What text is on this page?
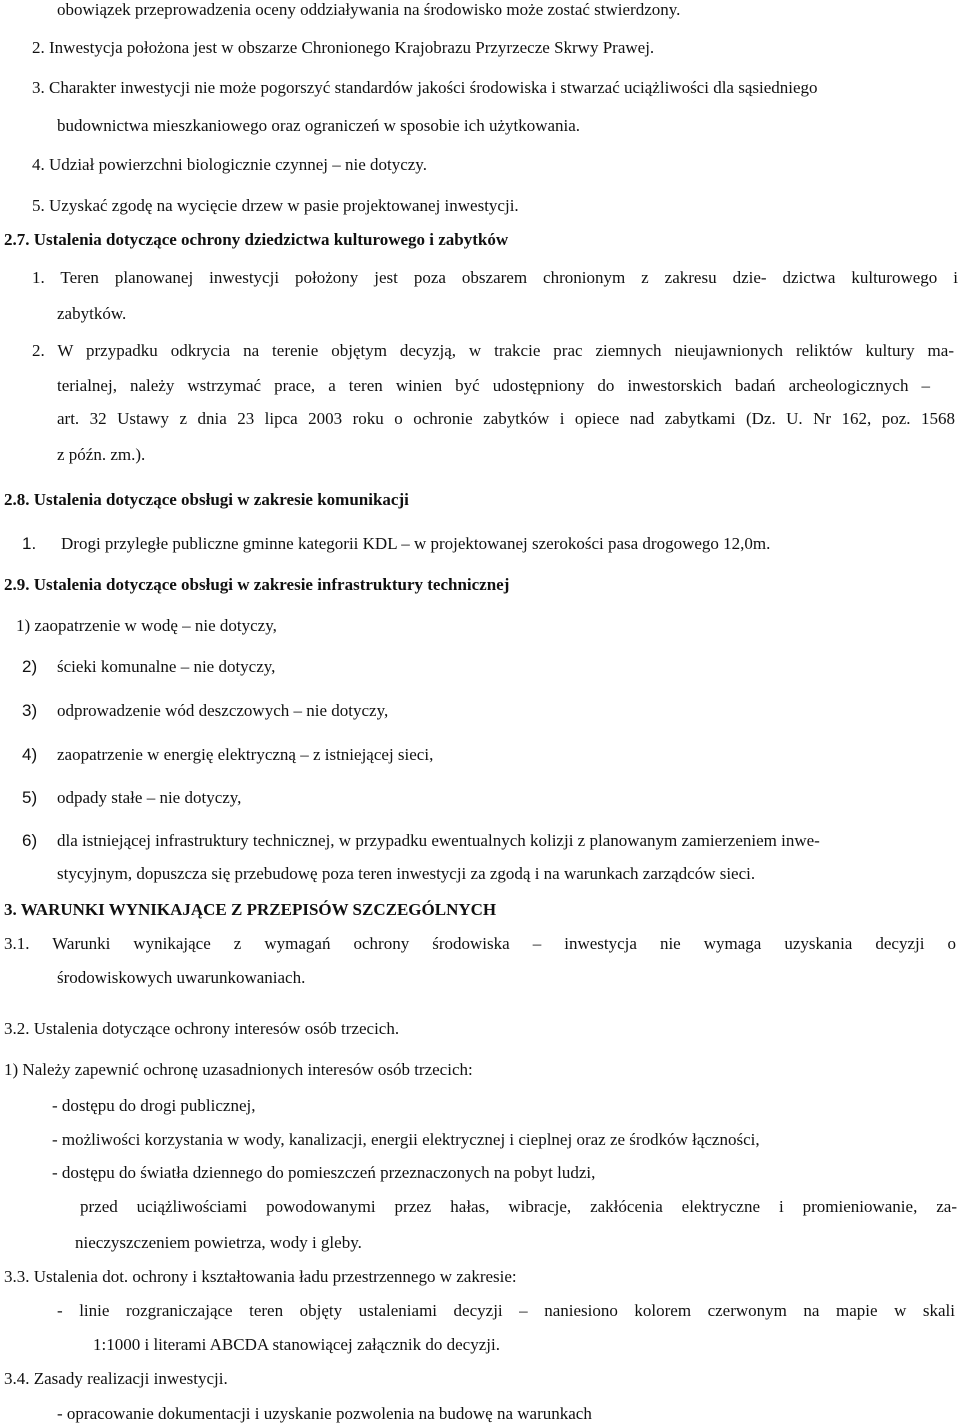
obowiązek przeprowadzenia oceny oddziaływania na środowisko może zostać stwierdzony.
2. Inwestycja położona jest w obszarze Chronionego Krajobrazu Przyrzecze Skrwy Prawej.
3. Charakter inwestycji nie może pogorszyć standardów jakości środowiska i stwarzać uciążliwości dla sąsiedniego
budownictwa mieszkaniowego oraz ograniczeń w sposobie ich użytkowania.
4. Udział powierzchni biologicznie czynnej – nie dotyczy.
5. Uzyskać zgodę na wycięcie drzew w pasie projektowanej inwestycji.
2.7. Ustalenia dotyczące ochrony dziedzictwa kulturowego i zabytków
1. Teren planowanej inwestycji położony jest poza obszarem chronionym z zakresu dzie- dzictwa kulturowego i
zabytków.
2. W przypadku odkrycia na terenie objętym decyzją, w trakcie prac ziemnych nieujawnionych reliktów kultury ma-
terialnej, należy wstrzymać prace, a teren winien być udostępniony do inwestorskich badań archeologicznych –
art. 32 Ustawy z dnia 23 lipca 2003 roku o ochronie zabytków i opiece nad zabytkami (Dz. U. Nr 162, poz. 1568
z późn. zm.).
2.8. Ustalenia dotyczące obsługi w zakresie komunikacji
1. Drogi przyległe publiczne gminne kategorii KDL – w projektowanej szerokości pasa drogowego 12,0m.
2.9. Ustalenia dotyczące obsługi w zakresie infrastruktury technicznej
1) zaopatrzenie w wodę – nie dotyczy,
2) ścieki komunalne – nie dotyczy,
3) odprowadzenie wód deszczowych – nie dotyczy,
4) zaopatrzenie w energię elektryczną – z istniejącej sieci,
5) odpady stałe – nie dotyczy,
6) dla istniejącej infrastruktury technicznej, w przypadku ewentualnych kolizji z planowanym zamierzeniem inwe-
stycyjnym, dopuszcza się przebudowę poza teren inwestycji za zgodą i na warunkach zarządców sieci.
3. WARUNKI WYNIKAJĄCE Z PRZEPISÓW SZCZEGÓLNYCH
3.1. Warunki wynikające z wymagań ochrony środowiska – inwestycja nie wymaga uzyskania decyzji o
środowiskowych uwarunkowaniach.
3.2. Ustalenia dotyczące ochrony interesów osób trzecich.
1) Należy zapewnić ochronę uzasadnionych interesów osób trzecich:
- dostępu do drogi publicznej,
- możliwości korzystania w wody, kanalizacji, energii elektrycznej i cieplnej oraz ze środków łączności,
- dostępu do światła dziennego do pomieszczeń przeznaczonych na pobyt ludzi,
przed uciążliwościami powodowanymi przez hałas, wibracje, zakłócenia elektryczne i promieniowanie, za-
nieczyszczeniem powietrza, wody i gleby.
3.3. Ustalenia dot. ochrony i kształtowania ładu przestrzennego w zakresie:
- linie rozgraniczające teren objęty ustaleniami decyzji – naniesiono kolorem czerwonym na mapie w skali
1:1000 i literami ABCDA stanowiącej załącznik do decyzji.
3.4. Zasady realizacji inwestycji.
- opracowanie dokumentacji i uzyskanie pozwolenia na budowę na warunkach
